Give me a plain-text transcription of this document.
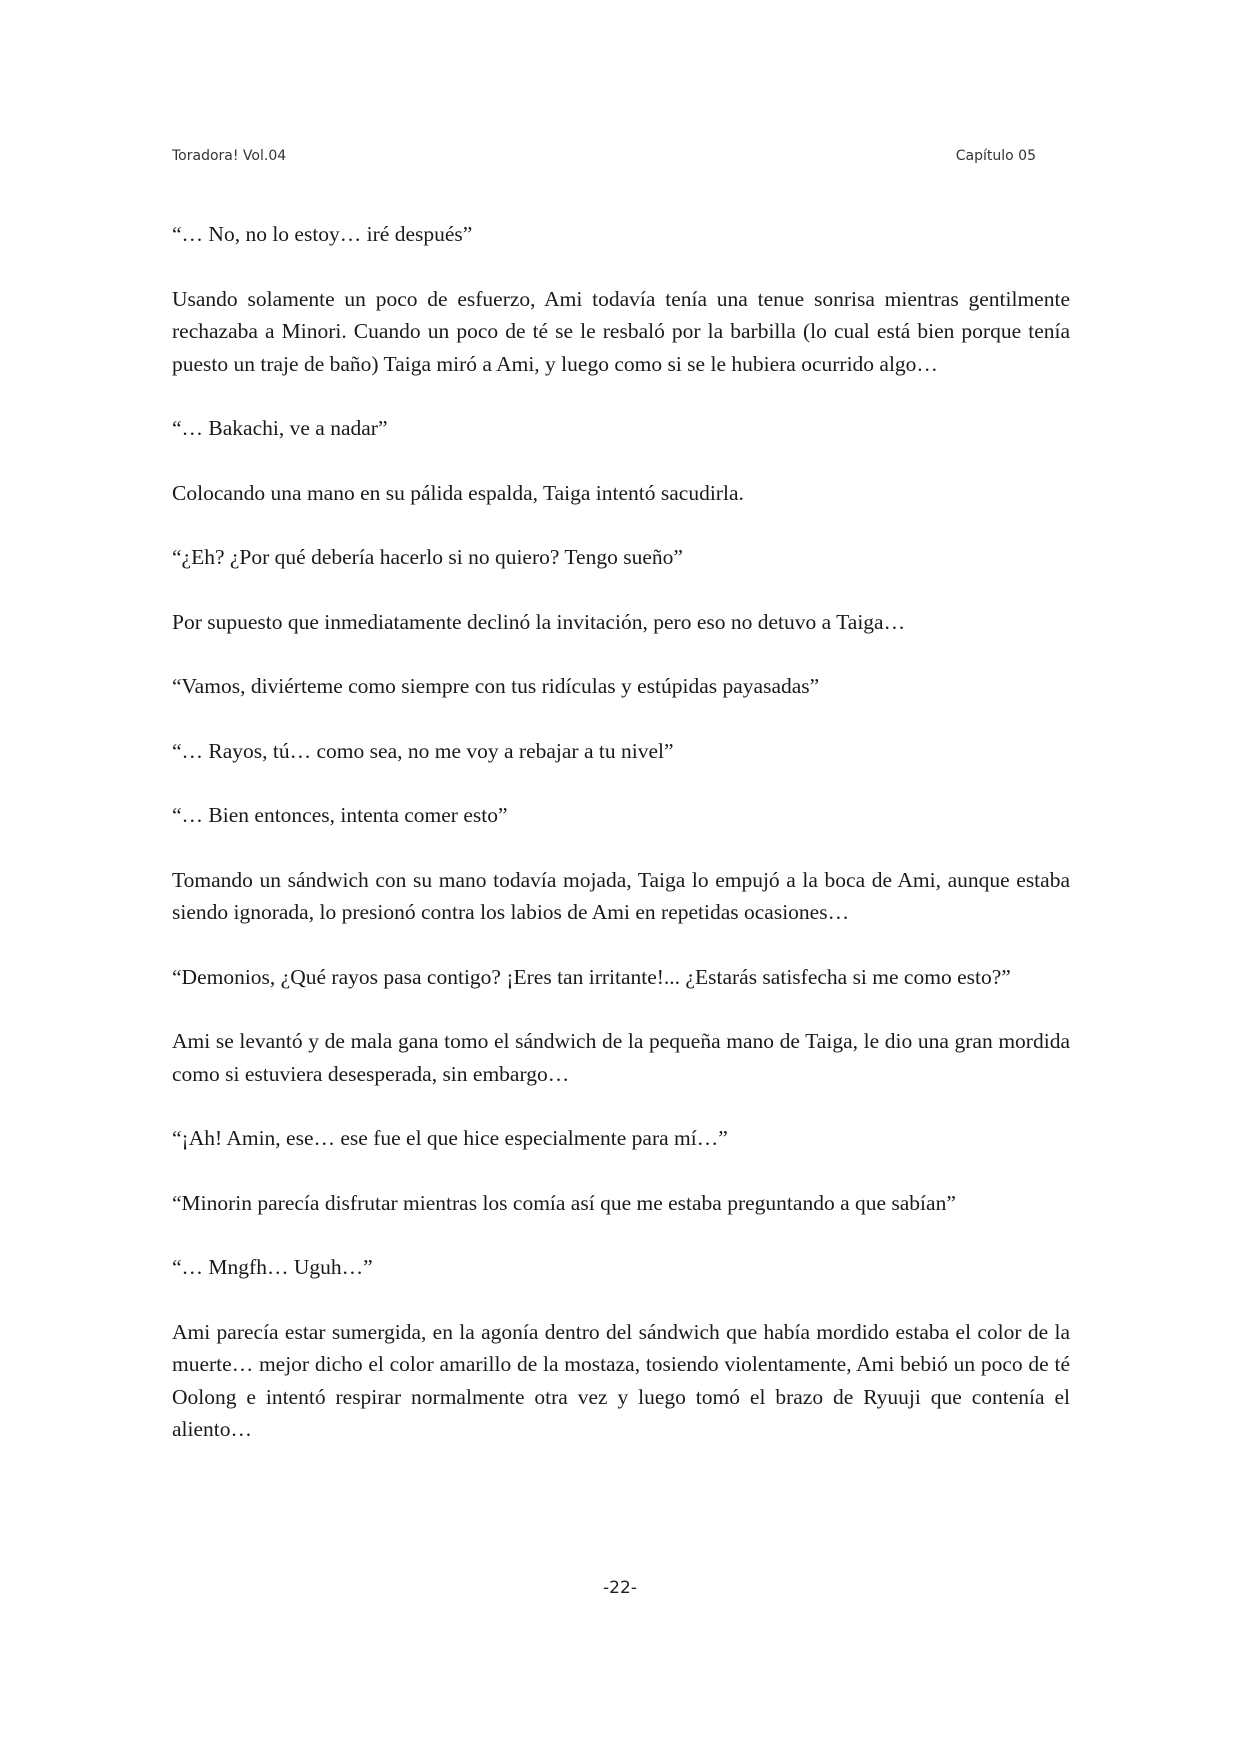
Toradora! Vol.04	Capítulo 05

“… No, no lo estoy… iré después”

Usando solamente un poco de esfuerzo, Ami todavía tenía una tenue sonrisa mientras gentilmente rechazaba a Minori. Cuando un poco de té se le resbaló por la barbilla (lo cual está bien porque tenía puesto un traje de baño) Taiga miró a Ami, y luego como si se le hubiera ocurrido algo…

“… Bakachi, ve a nadar”

Colocando una mano en su pálida espalda, Taiga intentó sacudirla.

“¿Eh? ¿Por qué debería hacerlo si no quiero? Tengo sueño”

Por supuesto que inmediatamente declinó la invitación, pero eso no detuvo a Taiga…

“Vamos, diviérteme como siempre con tus ridículas y estúpidas payasadas”

“… Rayos, tú… como sea, no me voy a rebajar a tu nivel”

“… Bien entonces, intenta comer esto”

Tomando un sándwich con su mano todavía mojada, Taiga lo empujó a la boca de Ami, aunque estaba siendo ignorada, lo presionó contra los labios de Ami en repetidas ocasiones…

“Demonios, ¿Qué rayos pasa contigo? ¡Eres tan irritante!... ¿Estarás satisfecha si me como esto?”

Ami se levantó y de mala gana tomo el sándwich de la pequeña mano de Taiga, le dio una gran mordida como si estuviera desesperada, sin embargo…

“¡Ah! Amin, ese… ese fue el que hice especialmente para mí…”

“Minorin parecía disfrutar mientras los comía así que me estaba preguntando a que sabían”

“… Mngfh… Uguh…”

Ami parecía estar sumergida, en la agonía dentro del sándwich que había mordido estaba el color de la muerte… mejor dicho el color amarillo de la mostaza, tosiendo violentamente, Ami bebió un poco de té Oolong e intentó respirar normalmente otra vez y luego tomó el brazo de Ryuuji que contenía el aliento…

-22-
